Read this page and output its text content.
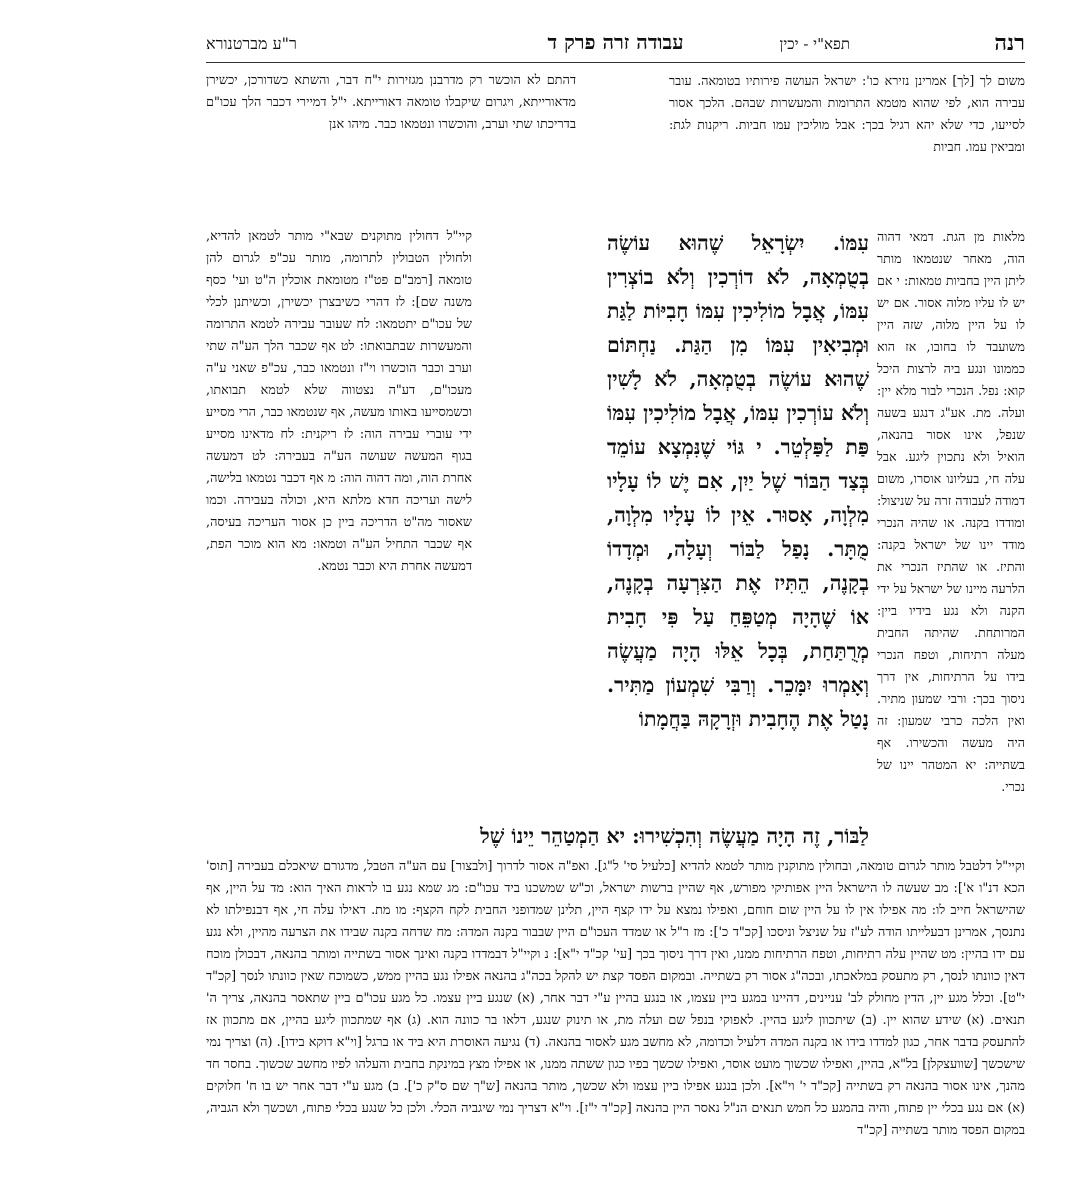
רנה
תפא"י - יכין
עבודה זרה פרק ד
ר"ע מברטנורא

משום לך [לך] אמרינן נזירא כו': ישראל העושה פירותיו בטומאה. עובר עבירה הוא, לפי שהוא מטמא התרומות והמעשרות שבהם. הלכך אסור לסייעו, כדי שלא יהא רגיל בכך: אבל מוליכין עמו חביות. ריקנות לגת: ומביאין עמו. חביות

מלאות מן הגת. דמאי דהוה הוה, מאחר שנטמאו מותר ליתן היין בחביות טמאות: י אם יש לו עליו מלוה אסור. אם יש לו על היין מלוה, שזה היין משועבד לו בחובו, אז הוא כממונו ונגע ביה לרצות היכל קוא: נפל. הנכרי לבור מלא יין: ועלה. מת. אע"ג דנגע בשעה שנפל, אינו אסור בהנאה, הואיל ולא נתכוין ליגע. אבל עלה חי, בעליונו אוסרו, משום דמודה לעבודה זרה על שניצול: ומודדו בקנה. או שהיה הנכרי מודד יינו של ישראל בקנה: והתיז. או שהתיז הנכרי את הלרעה מיינו של ישראל על ידי הקנה ולא נגע בידיו ביין: המרותחת. שהיתה החבית מעלה רתיחות, וטפח הנכרי בידו על הרתיחות, אין דרך ניסוך בכך: ורבי שמעון מתיר. ואין הלכה כרבי שמעון: זה היה מעשה והכשירו. אף בשתייה: יא המטהר יינו של נכרי.

עִמּוֹ. יִשְׂרָאֵל שֶׁהוּא עוֹשֶׂה בְטֻמְאָה, לֹא דוֹרְכִין וְלֹא בוֹצְרִין עִמּוֹ, אֲבָל מוֹלִיכִין עִמּוֹ חָבִיּוֹת לַגַּת וּמְבִיאִין עִמּוֹ מִן הַגַּת. נַחְתּוֹם שֶׁהוּא עוֹשֶׂה בְטֻמְאָה, לֹא לָשִׁין וְלֹא עוֹרְכִין עִמּוֹ, אֲבָל מוֹלִיכִין עִמּוֹ פַּת לַפַּלְטֵר. י גּוֹי שֶׁנִּמְצָא עוֹמֵד בְּצַד הַבּוֹר שֶׁל יַיִן, אִם יֶשׁ לוֹ עָלָיו מִלְוָה, אָסוּר. אֵין לוֹ עָלָיו מִלְוָה, מֻתָּר. נָפַל לַבּוֹר וְעָלָה, וּמְדָדוֹ בְקָנֶה, הֵתִּיז אֶת הַצִּרְעָה בְקָנֶה, אוֹ שֶׁהָיָה מְטַפֵּחַ עַל פִּי חָבִית מְרֻתַּחַת, בְּכָל אֵלּוּ הָיָה מַעֲשֶׂה וְאָמְרוּ יִמָּכֵר. וְרַבִּי שִׁמְעוֹן מַתִּיר. נָטַל אֶת הֶחָבִית וּזְרָקָהּ בַּחֲמָתוֹ

לַבּוֹר, זֶה הָיָה מַעֲשֶׂה וְהִכְשִׁירוּ: יא הַמְטַהֵר יֵינוֹ שֶׁל

דהתם לא הוכשר רק מדרבנן מגזירות י"ח דבר, והשתא כשדורכן, יכשירן מדאורייתא, ויגרום שיקבלו טומאה דאורייתא. י"ל דמיירי דכבר הלך עכו"ם בדריכתו שתי וערב, והוכשרו ונטמאו כבר. מיהו אנן

קיי"ל דחולין מתוקנים שבא"י מותר לטמאן להדיא, ולחולין הטבולין לתרומה, מותר עכ"פ לגרום להן טומאה [רמב"ם פט"ז מטומאת אוכלין ה"ט ועי' כסף משנה שם]: לז דהרי כשיבצרן יכשירן, וכשיתנן לכלי של עכו"ם יתטמאו: לח שעובר עבירה לטמא התרומה והמעשרות שבתבואתו: לט אף שכבר הלך הע"ה שתי וערב וכבר הוכשרו וי"ז ונטמאו כבר, עכ"פ שאני ע"ה מעכו"ם, דע"ה נצטווה שלא לטמא תבואתו, וכשמסייעו באותו מעשה, אף שנטמאו כבר, הרי מסייע ידי עוברי עבירה הוה: לז ריקנית: לח מדאינו מסייע בגוף המעשה שעושה הע"ה בעבירה: לט דמעשה אחרת הוה, ומה דהוה הוה: מ אף דכבר נטמאו בלישה, לישה ועריכה חדא מלתא היא, וכולה בעבירה. וכמו שאסור מה"ט הדריכה ביין כן אסור העריכה בעיסה, אף שכבר התחיל הע"ה וטמאו: מא הוא מוכר הפת, דמעשה אחרת היא וכבר נטמא.

וקיי"ל דלטבל מותר לגרום טומאה, ובחולין מתוקנין מותר לטמא להדיא [כלעיל סי' ל"ג]. ואפ"ה אסור לדרוך [ולבצור] עם הע"ה הטבל, מדגורם שיאכלם בעבירה [תוס' הכא דנ"ו א']: מב שעשה לו הישראל היין אפותיקי מפורש, אף שהיין ברשות ישראל, וכ"ש שמשכנו ביד עכו"ם: מג שמא נגע בו לראות האיך הוא: מד על היין, אף שהישראל חייב לו: מה אפילו אין לו על היין שום חוחם, ואפילו נמצא על ידו קצף היין, תלינן שמדופני החבית לקח הקצף: מו מת. דאילו עלה חי, אף דבנפילתו לא נתנסך, אמרינן דבעלייתו הודה לע"ז על שניצל וניסכו [קכ"ד כ']: מז ר"ל או שמדד העכו"ם היין שבבור בקנה המדה: מח שדחה בקנה שבידו את הצרעה מהיין, ולא נגע עם ידו בהיין: מט שהיין עלה רתיחות, וטפח הרתיחות ממנו, ואין דרך ניסוך בכך [עי' קכ"ד י"א]: נ וקיי"ל דבמדדו בקנה ואינך אסור בשתייה ומותר בהנאה, דבכולן מוכח דאין כוונתו לנסך, רק מתעסק במלאכתו, ובכה"ג אסור רק בשתייה. ובמקום הפסד קצת יש להקל בכה"ג בהנאה אפילו נגע בהיין ממש, כשמוכח שאין כוונתו לנסך [קכ"ד י"ט]. וכלל מגע יין, הדין מחולק לב' עניינים, דהיינו במגע ביין עצמו, או בנגע בהיין ע"י דבר אחר, (א) שנגע ביין עצמו. כל מגע עכו"ם ביין שתאסר בהנאה, צריך ה' תנאים. (א) שידע שהוא יין. (ב) שיתכוון ליגע בהיין. לאפוקי בנפל שם ועלה מת, או תינוק שנגע, דלאו בר כוונה הוא. (ג) אף שמתכוון ליגע בהיין, אם מתכוון אז להתעסק בדבר אחר, כגון למדדו בידו או בקנה המדה דלעיל וכדומה, לא מחשב מגע לאסור בהנאה. (ד) נגיעה האוסרת היא ביד או ברגל [וי"א דוקא בידו]. (ה) וצריך נמי שישכשך [שוועצקלן] בל"א, בהיין, ואפילו שכשוך מועט אוסר, ואפילו שכשך בפיו כגון ששתה ממנו, או אפילו מצץ במינקת בחבית והעלהו לפיו מחשב שכשוך. בחסר חד מהנך, אינו אסור בהנאה רק בשתייה [קכ"ד י' וי"א]. ולכן בנגע אפילו ביין עצמו ולא שכשך, מותר בהנאה [ש"ך שם ס"ק כ']. ב) מגע ע"י דבר אחר יש בו ח' חלוקים (א) אם נגע בכלי יין פתוח, והיה בהמגע כל חמש תנאים הנ"ל נאסר היין בהנאה [קכ"ד י"ז]. וי"א דצריך נמי שיגביה הכלי. ולכן כל שנגע בכלי פתוח, ושכשך ולא הגביה, במקום הפסד מותר בשתייה [קכ"ד
